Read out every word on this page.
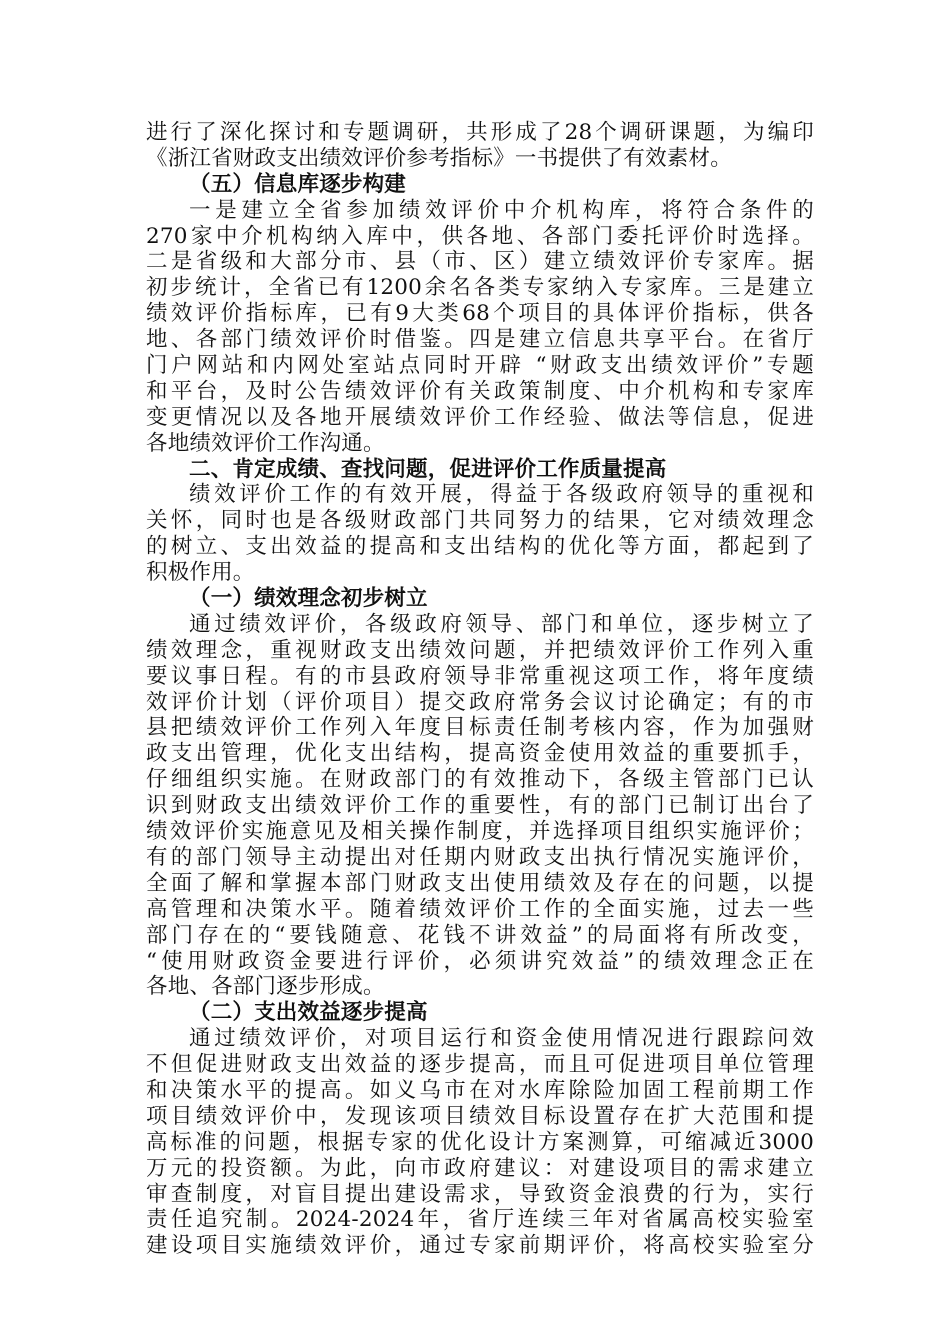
进行了深化探讨和专题调研，共形成了28个调研课题，为编印
《浙江省财政支出绩效评价参考指标》一书提供了有效素材。
（五）信息库逐步构建
一是建立全省参加绩效评价中介机构库，将符合条件的
270家中介机构纳入库中，供各地、各部门委托评价时选择。
二是省级和大部分市、县（市、区）建立绩效评价专家库。据
初步统计，全省已有1200余名各类专家纳入专家库。三是建立
绩效评价指标库，已有9大类68个项目的具体评价指标，供各
地、各部门绩效评价时借鉴。四是建立信息共享平台。在省厅
门户网站和内网处室站点同时开辟 “财政支出绩效评价”专题
和平台，及时公告绩效评价有关政策制度、中介机构和专家库
变更情况以及各地开展绩效评价工作经验、做法等信息，促进
各地绩效评价工作沟通。
二、肯定成绩、查找问题，促进评价工作质量提高
绩效评价工作的有效开展，得益于各级政府领导的重视和
关怀，同时也是各级财政部门共同努力的结果，它对绩效理念
的树立、支出效益的提高和支出结构的优化等方面，都起到了
积极作用。
（一）绩效理念初步树立
通过绩效评价，各级政府领导、部门和单位，逐步树立了
绩效理念，重视财政支出绩效问题，并把绩效评价工作列入重
要议事日程。有的市县政府领导非常重视这项工作，将年度绩
效评价计划（评价项目）提交政府常务会议讨论确定；有的市
县把绩效评价工作列入年度目标责任制考核内容，作为加强财
政支出管理，优化支出结构，提高资金使用效益的重要抓手，
仔细组织实施。在财政部门的有效推动下，各级主管部门已认
识到财政支出绩效评价工作的重要性，有的部门已制订出台了
绩效评价实施意见及相关操作制度，并选择项目组织实施评价；
有的部门领导主动提出对任期内财政支出执行情况实施评价，
全面了解和掌握本部门财政支出使用绩效及存在的问题，以提
高管理和决策水平。随着绩效评价工作的全面实施，过去一些
部门存在的“要钱随意、花钱不讲效益”的局面将有所改变，
“使用财政资金要进行评价，必须讲究效益”的绩效理念正在
各地、各部门逐步形成。
（二）支出效益逐步提高
通过绩效评价，对项目运行和资金使用情况进行跟踪问效
不但促进财政支出效益的逐步提高，而且可促进项目单位管理
和决策水平的提高。如义乌市在对水库除险加固工程前期工作
项目绩效评价中，发现该项目绩效目标设置存在扩大范围和提
高标准的问题，根据专家的优化设计方案测算，可缩减近3000
万元的投资额。为此，向市政府建议：对建设项目的需求建立
审查制度，对盲目提出建设需求，导致资金浪费的行为，实行
责任追究制。2024-2024年，省厅连续三年对省属高校实验室
建设项目实施绩效评价，通过专家前期评价，将高校实验室分
